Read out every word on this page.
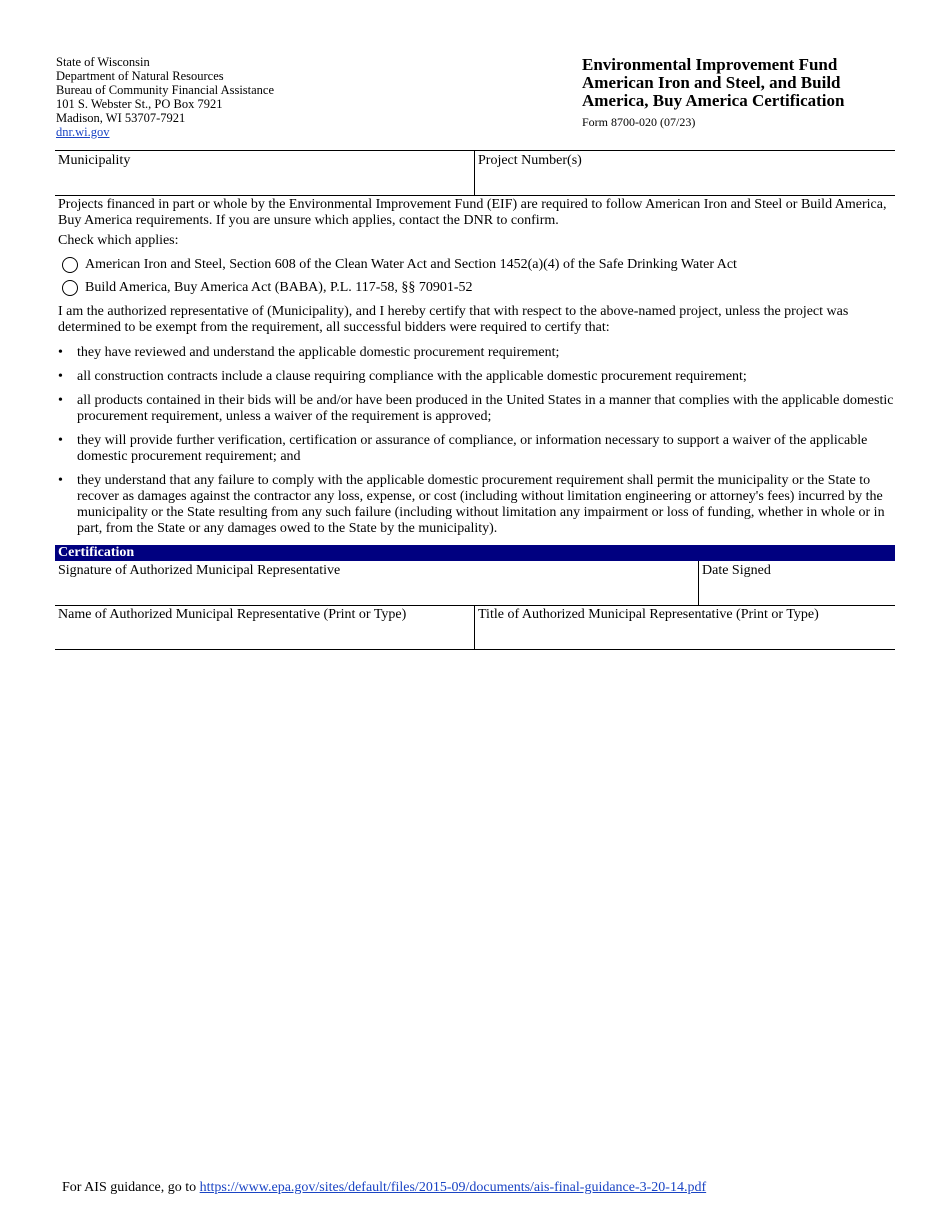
State of Wisconsin
Department of Natural Resources
Bureau of Community Financial Assistance
101 S. Webster St., PO Box 7921
Madison, WI 53707-7921
dnr.wi.gov
Environmental Improvement Fund
American Iron and Steel, and Build
America, Buy America Certification
Form 8700-020 (07/23)
Municipality	Project Number(s)
Projects financed in part or whole by the Environmental Improvement Fund (EIF) are required to follow American Iron and Steel or Build America, Buy America requirements. If you are unsure which applies, contact the DNR to confirm.
Check which applies:
American Iron and Steel, Section 608 of the Clean Water Act and Section 1452(a)(4) of the Safe Drinking Water Act
Build America, Buy America Act (BABA), P.L. 117-58, §§ 70901-52
I am the authorized representative of (Municipality), and I hereby certify that with respect to the above-named project, unless the project was determined to be exempt from the requirement, all successful bidders were required to certify that:
• they have reviewed and understand the applicable domestic procurement requirement;
• all construction contracts include a clause requiring compliance with the applicable domestic procurement requirement;
• all products contained in their bids will be and/or have been produced in the United States in a manner that complies with the applicable domestic procurement requirement, unless a waiver of the requirement is approved;
• they will provide further verification, certification or assurance of compliance, or information necessary to support a waiver of the applicable domestic procurement requirement; and
• they understand that any failure to comply with the applicable domestic procurement requirement shall permit the municipality or the State to recover as damages against the contractor any loss, expense, or cost (including without limitation engineering or attorney's fees) incurred by the municipality or the State resulting from any such failure (including without limitation any impairment or loss of funding, whether in whole or in part, from the State or any damages owed to the State by the municipality).
Certification
Signature of Authorized Municipal Representative	Date Signed
Name of Authorized Municipal Representative (Print or Type)	Title of Authorized Municipal Representative (Print or Type)
For AIS guidance, go to https://www.epa.gov/sites/default/files/2015-09/documents/ais-final-guidance-3-20-14.pdf
